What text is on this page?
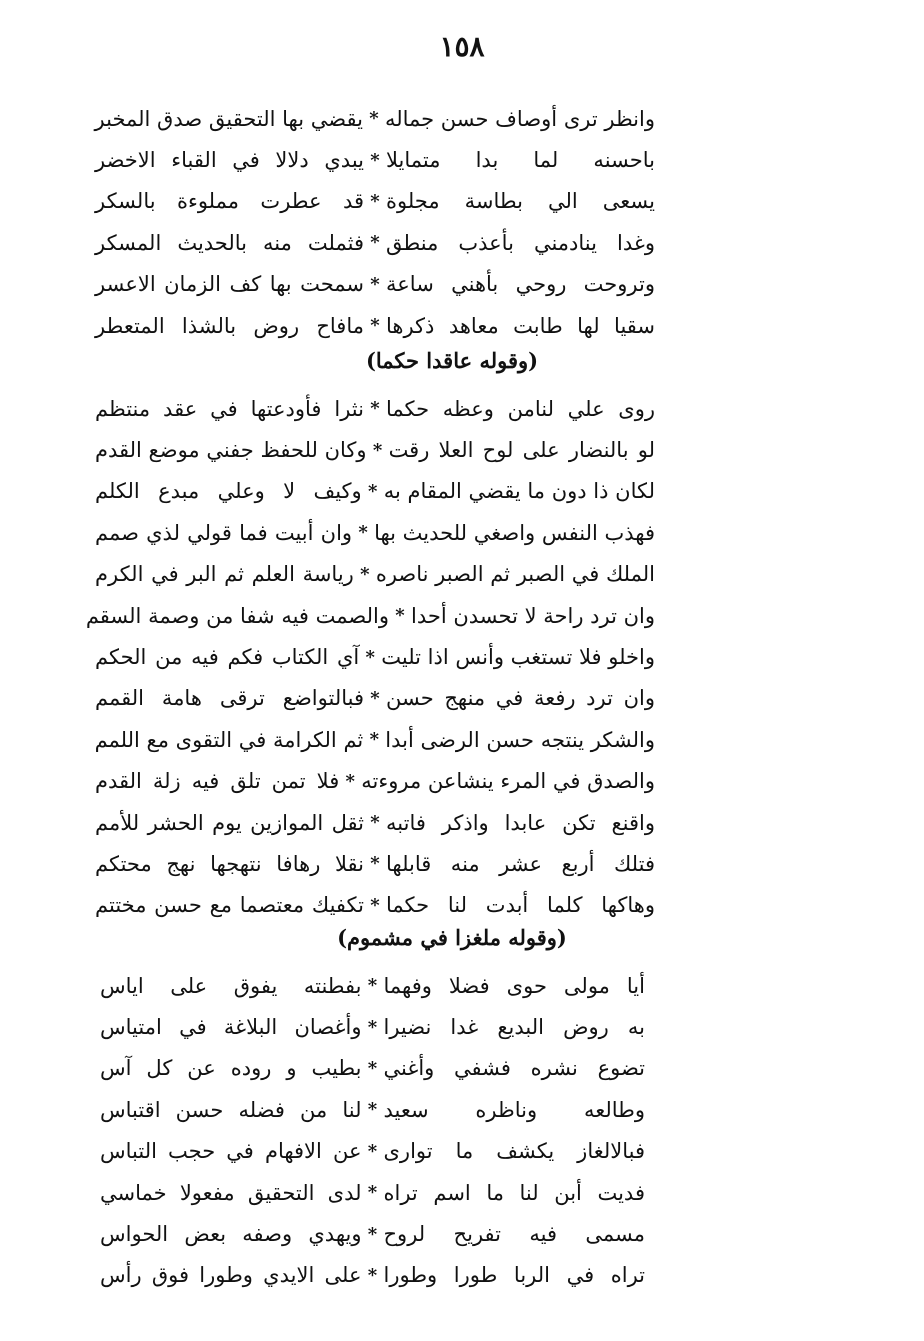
١٥٨
وانظر ترى أوصاف حسن جماله
*
يقضي بها التحقيق صدق المخبر
باحسنه لما بدا متمايلا
*
يبدي دلالا في القباء الاخضر
يسعى الي بطاسة مجلوة
*
قد عطرت مملوءة بالسكر
وغدا ينادمني بأعذب منطق
*
فثملت منه بالحديث المسكر
وتروحت روحي بأهني ساعة
*
سمحت بها كف الزمان الاعسر
سقيا لها طابت معاهد ذكرها
*
مافاح روض بالشذا المتعطر
(وقوله عاقدا حكما)
روى علي لنامن وعظه حكما
*
نثرا فأودعتها في عقد منتظم
لو بالنضار على لوح العلا رقت
*
وكان للحفظ جفني موضع القدم
لكان ذا دون ما يقضي المقام به
*
وكيف لا وعلي مبدع الكلم
فهذب النفس واصغي للحديث بها
*
وان أبيت فما قولي لذي صمم
الملك في الصبر ثم الصبر ناصره
*
رياسة العلم ثم البر في الكرم
وان ترد راحة لا تحسدن أحدا
*
والصمت فيه شفا من وصمة السقم
واخلو فلا تستغب وأنس اذا تليت
*
آي الكتاب فكم فيه من الحكم
وان ترد رفعة في منهج حسن
*
فبالتواضع ترقى هامة القمم
والشكر ينتجه حسن الرضى أبدا
*
ثم الكرامة في التقوى مع اللمم
والصدق في المرء ينشاعن مروءته
*
فلا تمن تلق فيه زلة القدم
واقنع تكن عابدا واذكر فاتبه
*
ثقل الموازين يوم الحشر للأمم
فتلك أربع عشر منه قابلها
*
نقلا رهافا نتهجها نهج محتكم
وهاكها كلما أبدت لنا حكما
*
تكفيك معتصما مع حسن مختتم
(وقوله ملغزا في مشموم)
أيا مولى حوى فضلا وفهما
*
بفطنته يفوق على اياس
به روض البديع غدا نضيرا
*
وأغصان البلاغة في امتياس
تضوع نشره فشفي وأغني
*
بطيب و روده عن كل آس
وطالعه وناظره سعيد
*
لنا من فضله حسن اقتباس
فبالالغاز يكشف ما توارى
*
عن الافهام في حجب التباس
فديت أبن لنا ما اسم تراه
*
لدى التحقيق مفعولا خماسي
مسمى فيه تفريح لروح
*
ويهدي وصفه بعض الحواس
تراه في الربا طورا وطورا
*
على الايدي وطورا فوق رأس
